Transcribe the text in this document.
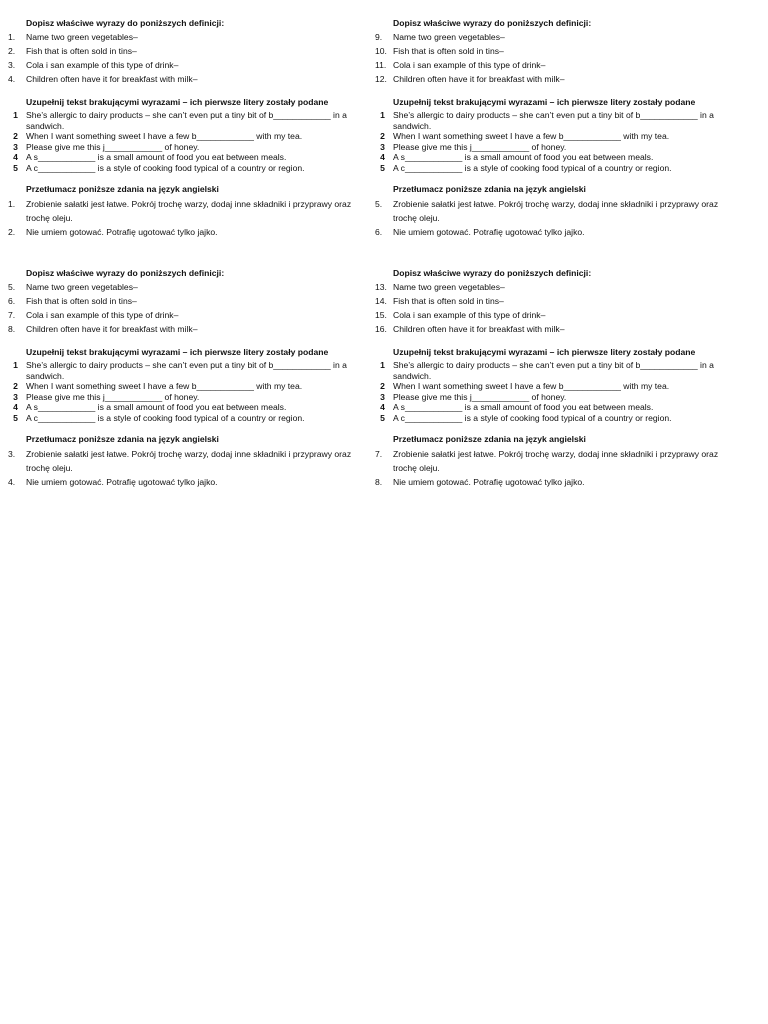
Dopisz właściwe wyrazy do poniższych definicji:

1.	Name two green vegetables–
2.	Fish that is often sold in tins–
3.	Cola i san example of this type of drink–
4.	Children often have it for breakfast with milk–

Uzupełnij tekst brakującymi wyrazami – ich pierwsze litery zostały podane

1 She’s allergic to dairy products – she can’t even put a tiny bit of b____________ in a sandwich.
2 When I want something sweet I have a few b____________ with my tea.
3 Please give me this j____________ of honey.
4 A s____________ is a small amount of food you eat between meals.
5 A c____________ is a style of cooking food typical of a country or region.

Przetłumacz poniższe zdania na język angielski

1.	Zrobienie sałatki jest łatwe. Pokrój trochę warzy, dodaj inne składniki i przyprawy oraz trochę oleju.
2.	Nie umiem gotować. Potrafię ugotować tylko jajko.

Dopisz właściwe wyrazy do poniższych definicji:

9.	Name two green vegetables–
10. Fish that is often sold in tins–
11. Cola i san example of this type of drink–
12. Children often have it for breakfast with milk–

Uzupełnij tekst brakującymi wyrazami – ich pierwsze litery zostały podane

1 She’s allergic to dairy products – she can’t even put a tiny bit of b____________ in a sandwich.
2 When I want something sweet I have a few b____________ with my tea.
3 Please give me this j____________ of honey.
4 A s____________ is a small amount of food you eat between meals.
5 A c____________ is a style of cooking food typical of a country or region.

Przetłumacz poniższe zdania na język angielski

5.	Zrobienie sałatki jest łatwe. Pokrój trochę warzy, dodaj inne składniki i przyprawy oraz trochę oleju.
6.	Nie umiem gotować. Potrafię ugotować tylko jajko.

Dopisz właściwe wyrazy do poniższych definicji:

5.	Name two green vegetables–
6.	Fish that is often sold in tins–
7.	Cola i san example of this type of drink–
8.	Children often have it for breakfast with milk–

Uzupełnij tekst brakującymi wyrazami – ich pierwsze litery zostały podane

1 She’s allergic to dairy products – she can’t even put a tiny bit of b____________ in a sandwich.
2 When I want something sweet I have a few b____________ with my tea.
3 Please give me this j____________ of honey.
4 A s____________ is a small amount of food you eat between meals.
5 A c____________ is a style of cooking food typical of a country or region.

Przetłumacz poniższe zdania na język angielski

3.	Zrobienie sałatki jest łatwe. Pokrój trochę warzy, dodaj inne składniki i przyprawy oraz trochę oleju.
4.	Nie umiem gotować. Potrafię ugotować tylko jajko.

Dopisz właściwe wyrazy do poniższych definicji:

13. Name two green vegetables–
14. Fish that is often sold in tins–
15. Cola i san example of this type of drink–
16. Children often have it for breakfast with milk–

Uzupełnij tekst brakującymi wyrazami – ich pierwsze litery zostały podane

1 She’s allergic to dairy products – she can’t even put a tiny bit of b____________ in a sandwich.
2 When I want something sweet I have a few b____________ with my tea.
3 Please give me this j____________ of honey.
4 A s____________ is a small amount of food you eat between meals.
5 A c____________ is a style of cooking food typical of a country or region.

Przetłumacz poniższe zdania na język angielski

7.	Zrobienie sałatki jest łatwe. Pokrój trochę warzy, dodaj inne składniki i przyprawy oraz trochę oleju.
8.	Nie umiem gotować. Potrafię ugotować tylko jajko.
